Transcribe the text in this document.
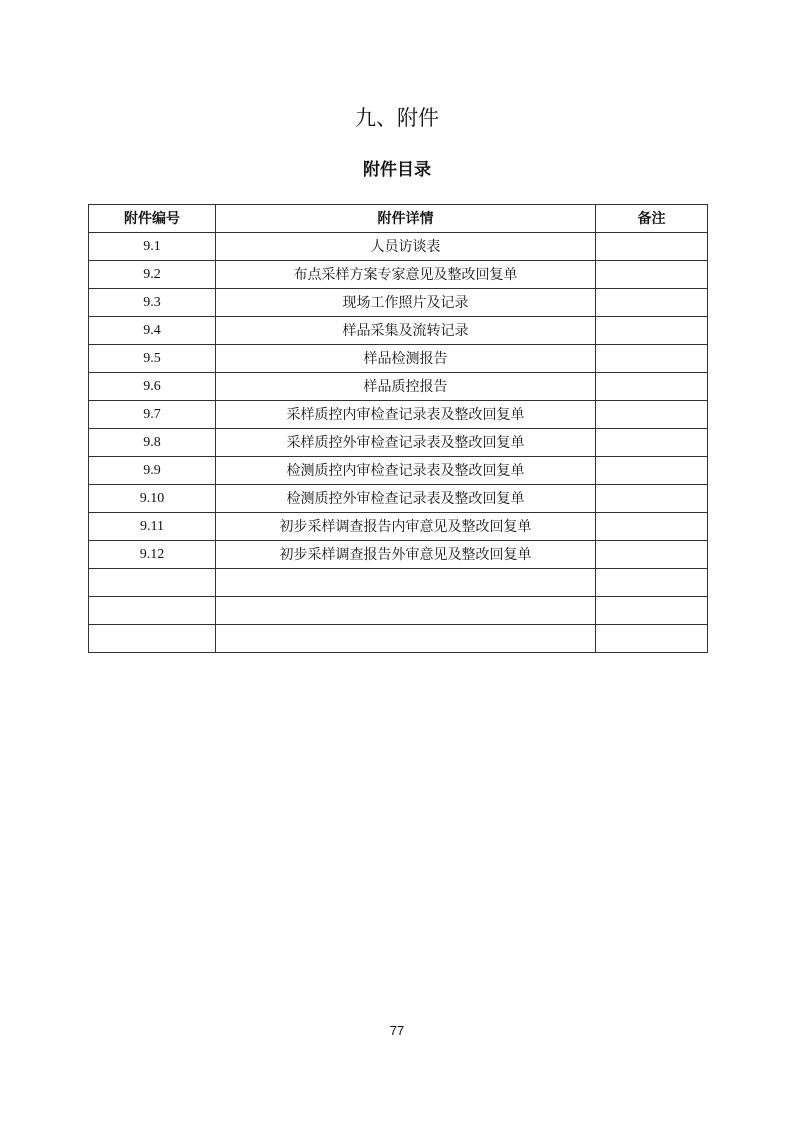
九、附件
附件目录
附件编号	附件详情	备注
9.1	人员访谈表	
9.2	布点采样方案专家意见及整改回复单	
9.3	现场工作照片及记录	
9.4	样品采集及流转记录	
9.5	样品检测报告	
9.6	样品质控报告	
9.7	采样质控内审检查记录表及整改回复单	
9.8	采样质控外审检查记录表及整改回复单	
9.9	检测质控内审检查记录表及整改回复单	
9.10	检测质控外审检查记录表及整改回复单	
9.11	初步采样调查报告内审意见及整改回复单	
9.12	初步采样调查报告外审意见及整改回复单	

77
